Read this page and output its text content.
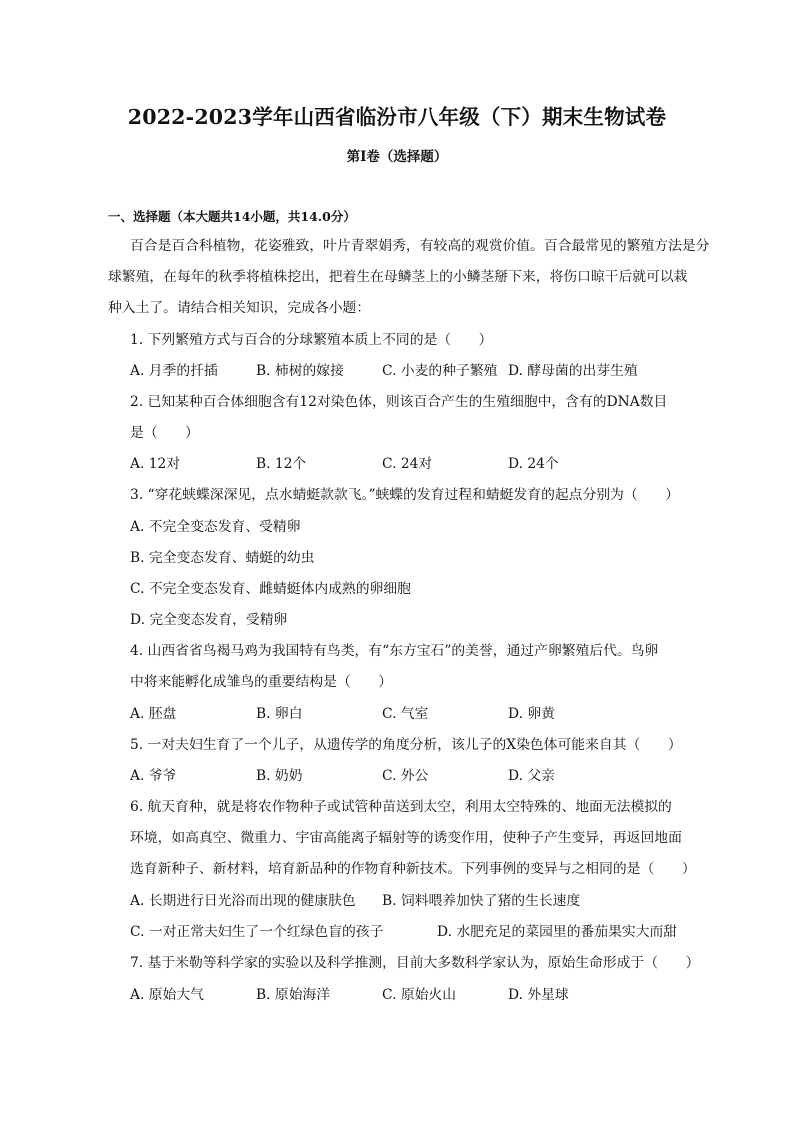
2022-2023学年山西省临汾市八年级（下）期末生物试卷
第Ⅰ卷（选择题）
一、选择题（本大题共14小题，共14.0分）
百合是百合科植物，花姿雅致，叶片青翠娟秀，有较高的观赏价值。百合最常见的繁殖方法是分
球繁殖，在每年的秋季将植株挖出，把着生在母鳞茎上的小鳞茎掰下来，将伤口晾干后就可以栽
种入土了。请结合相关知识，完成各小题：
1. 下列繁殖方式与百合的分球繁殖本质上不同的是（　　）
A. 月季的扦插	B. 柿树的嫁接	C. 小麦的种子繁殖 D. 酵母菌的出芽生殖
2. 已知某种百合体细胞含有12对染色体，则该百合产生的生殖细胞中，含有的DNA数目
是（　　）
A. 12对	B. 12个	C. 24对	D. 24个
3. “穿花蛱蝶深深见，点水蜻蜓款款飞。”蛱蝶的发育过程和蜻蜓发育的起点分别为（　　）
A. 不完全变态发育、受精卵
B. 完全变态发育、蜻蜓的幼虫
C. 不完全变态发育、雌蜻蜓体内成熟的卵细胞
D. 完全变态发育，受精卵
4. 山西省省鸟褐马鸡为我国特有鸟类，有“东方宝石”的美誉，通过产卵繁殖后代。鸟卵
中将来能孵化成雏鸟的重要结构是（　　）
A. 胚盘	B. 卵白	C. 气室	D. 卵黄
5. 一对夫妇生育了一个儿子，从遗传学的角度分析，该儿子的X染色体可能来自其（　　）
A. 爷爷	B. 奶奶	C. 外公	D. 父亲
6. 航天育种，就是将农作物种子或试管种苗送到太空，利用太空特殊的、地面无法模拟的
环境，如高真空、微重力、宇宙高能离子辐射等的诱变作用，使种子产生变异，再返回地面
选育新种子、新材料，培育新品种的作物育种新技术。下列事例的变异与之相同的是（　　）
A. 长期进行日光浴而出现的健康肤色 B. 饲料喂养加快了猪的生长速度
C. 一对正常夫妇生了一个红绿色盲的孩子	D. 水肥充足的菜园里的番茄果实大而甜
7. 基于米勒等科学家的实验以及科学推测，目前大多数科学家认为，原始生命形成于（　　）
A. 原始大气	B. 原始海洋	C. 原始火山	D. 外星球
